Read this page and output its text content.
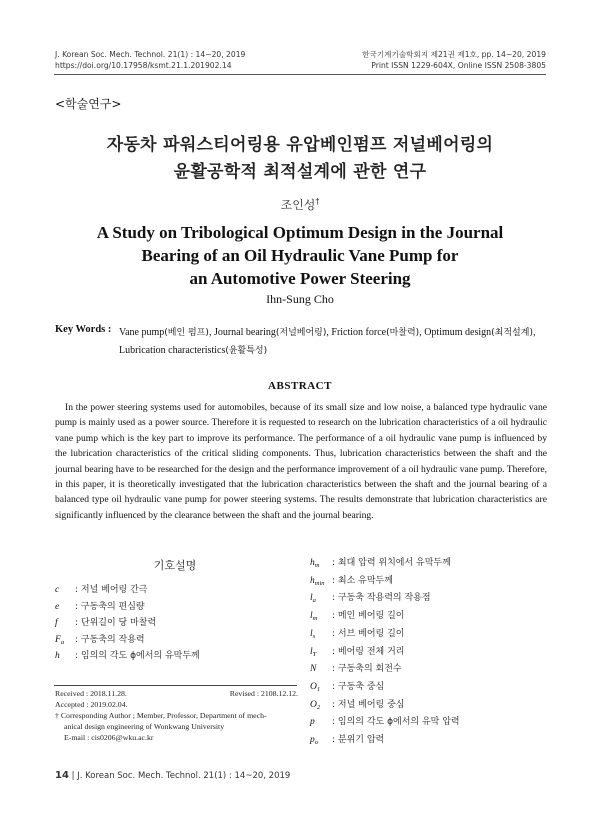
J. Korean Soc. Mech. Technol. 21(1) : 14~20, 2019
https://doi.org/10.17958/ksmt.21.1.201902.14
한국기계기술학회지 제21권 제1호, pp. 14~20, 2019
Print ISSN 1229-604X, Online ISSN 2508-3805
<학술연구>
자동차 파워스티어링용 유압베인펌프 저널베어링의
윤활공학적 최적설계에 관한 연구
조인성†
A Study on Tribological Optimum Design in the Journal
Bearing of an Oil Hydraulic Vane Pump for
an Automotive Power Steering
Ihn-Sung Cho
Key Words : Vane pump(베인 펌프), Journal bearing(저널베어링), Friction force(마찰력), Optimum design(최적설계),
Lubrication characteristics(윤활특성)
ABSTRACT

In the power steering systems used for automobiles, because of its small size and low noise, a balanced type hydraulic vane pump is mainly used as a power source. Therefore it is requested to research on the lubrication characteristics of a oil hydraulic vane pump which is the key part to improve its performance. The performance of a oil hydraulic vane pump is influenced by the lubrication characteristics of the critical sliding components. Thus, lubrication characteristics between the shaft and the journal bearing have to be researched for the design and the performance improvement of a oil hydraulic vane pump. Therefore, in this paper, it is theoretically investigated that the lubrication characteristics between the shaft and the journal bearing of a balanced type oil hydraulic vane pump for power steering systems. The results demonstrate that lubrication characteristics are significantly influenced by the clearance between the shaft and the journal bearing.

기호설명
c : 저널 베어링 간극
e : 구동축의 편심량
f : 단위길이 당 마찰력
$F_a$ : 구동축의 작용력
h : 임의의 각도 ϕ에서의 유막두께
$h_m$ : 최대 압력 위치에서 유막두께
$h_{min}$ : 최소 유막두께
$l_a$ : 구동축 작용력의 작용점
$l_m$ : 메인 베어링 길이
$l_s$ : 서브 베어링 길이
$l_T$ : 베어링 전체 거리
N : 구동축의 회전수
$O_1$ : 구동축 중심
$O_2$ : 저널 베어링 중심
p : 임의의 각도 ϕ에서의 유막 압력
$p_o$ : 분위기 압력
Received : 2018.11.28.	Revised : 2108.12.12.
Accepted : 2019.02.04.
† Corresponding Author ; Member, Professor, Department of mech-
anical design engineering of Wonkwang University
E-mail : cis0206@wku.ac.kr
14 | J. Korean Soc. Mech. Technol. 21(1) : 14~20, 2019
